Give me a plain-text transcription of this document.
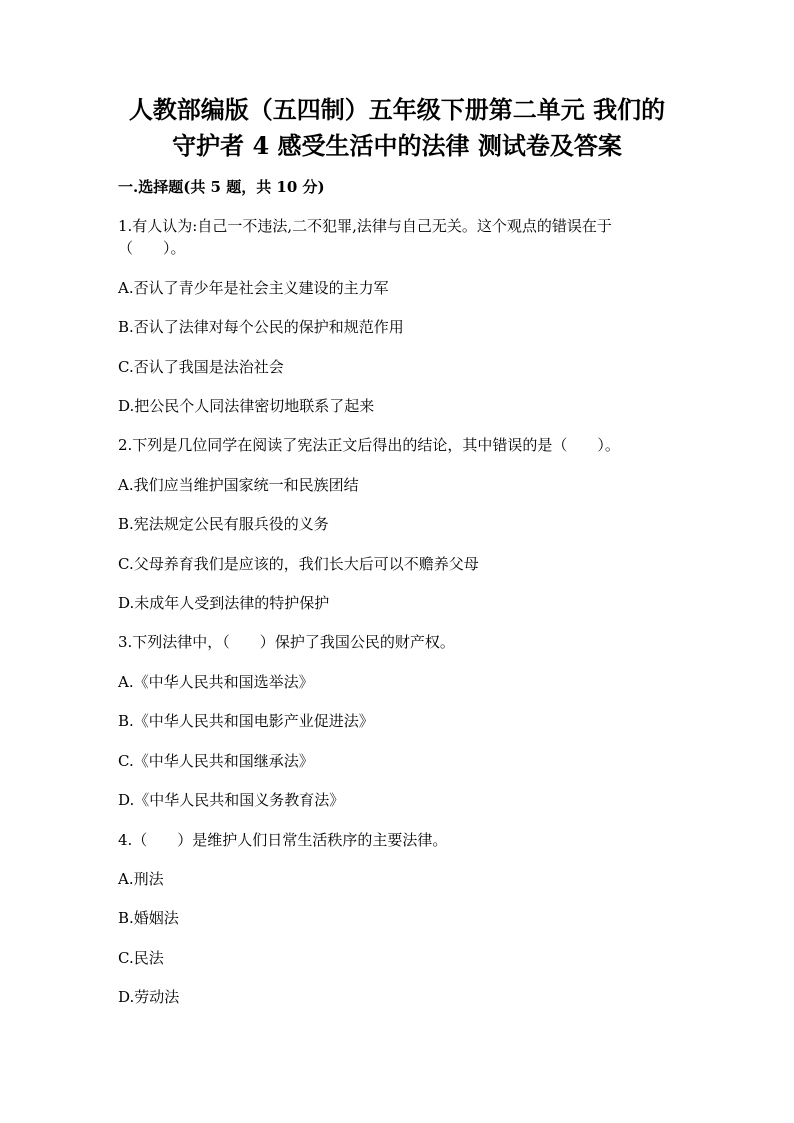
人教部编版（五四制）五年级下册第二单元 我们的
守护者 4 感受生活中的法律 测试卷及答案
一.选择题(共 5 题，共 10 分)
1.有人认为:自己一不违法,二不犯罪,法律与自己无关。这个观点的错误在于（　　）。
A.否认了青少年是社会主义建设的主力军
B.否认了法律对每个公民的保护和规范作用
C.否认了我国是法治社会
D.把公民个人同法律密切地联系了起来
2.下列是几位同学在阅读了宪法正文后得出的结论，其中错误的是（　　）。
A.我们应当维护国家统一和民族团结
B.宪法规定公民有服兵役的义务
C.父母养育我们是应该的，我们长大后可以不赡养父母
D.未成年人受到法律的特护保护
3.下列法律中，（　　）保护了我国公民的财产权。
A.《中华人民共和国选举法》
B.《中华人民共和国电影产业促进法》
C.《中华人民共和国继承法》
D.《中华人民共和国义务教育法》
4.（　　）是维护人们日常生活秩序的主要法律。
A.刑法
B.婚姻法
C.民法
D.劳动法
